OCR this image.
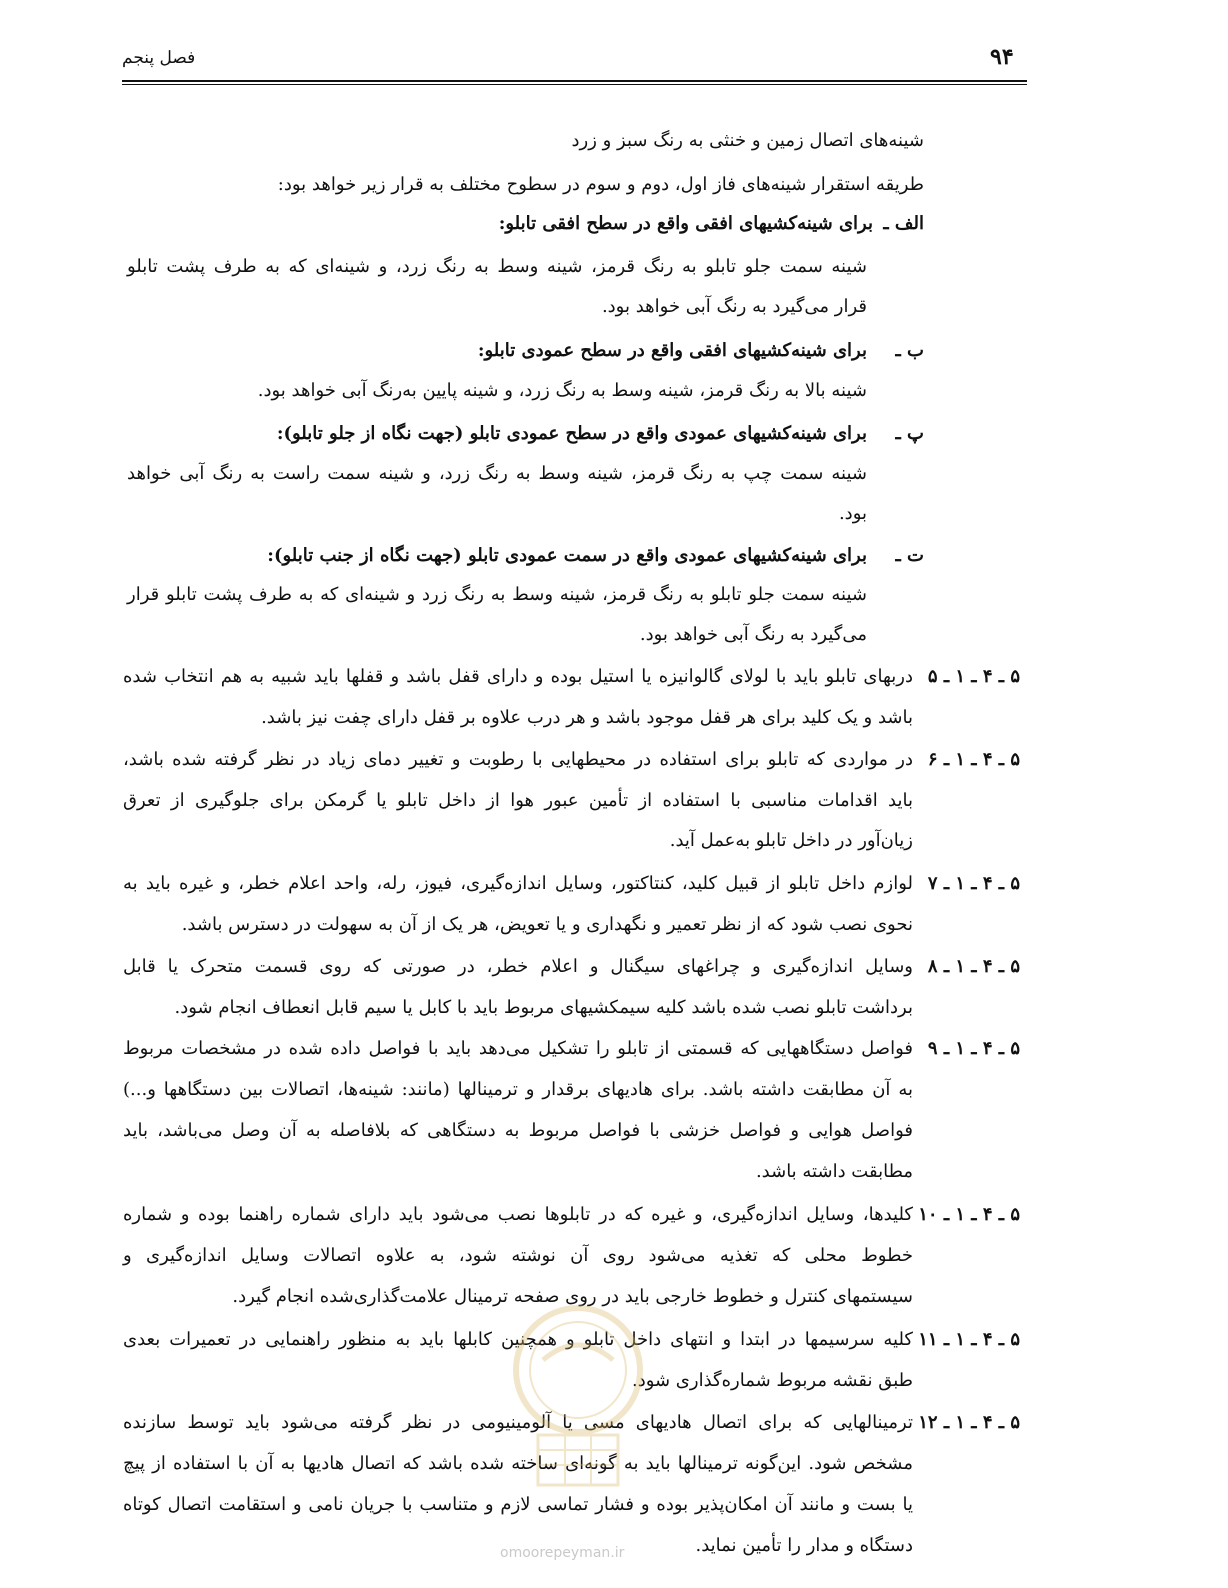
۹۴
فصل پنجم
شینه‌های اتصال زمین و خنثی به رنگ سبز و زرد
طریقه استقرار شینه‌های فاز اول، دوم و سوم در سطوح مختلف به قرار زیر خواهد بود:
الف ـ
برای شینه‌کشیهای افقی واقع در سطح افقی تابلو:
شینه سمت جلو تابلو به رنگ قرمز، شینه وسط به رنگ زرد، و شینه‌ای که به طرف پشت تابلو
قرار می‌گیرد به رنگ آبی خواهد بود.
ب ـ
برای شینه‌کشیهای افقی واقع در سطح عمودی تابلو:
شینه بالا به رنگ قرمز، شینه وسط به رنگ زرد، و شینه پایین به‌رنگ آبی خواهد بود.
پ ـ
برای شینه‌کشیهای عمودی واقع در سطح عمودی تابلو (جهت نگاه از جلو تابلو):
شینه سمت چپ به رنگ قرمز، شینه وسط به رنگ زرد، و شینه سمت راست به رنگ آبی خواهد
بود.
ت ـ
برای شینه‌کشیهای عمودی واقع در سمت عمودی تابلو (جهت نگاه از جنب تابلو):
شینه سمت جلو تابلو به رنگ قرمز، شینه وسط به رنگ زرد و شینه‌ای که به طرف پشت تابلو قرار
می‌گیرد به رنگ آبی خواهد بود.
۵ ـ ۴ ـ ۱ ـ ۵
دربهای تابلو باید با لولای گالوانیزه یا استیل بوده و دارای قفل باشد و قفلها باید شبیه به هم انتخاب شده
باشد و یک کلید برای هر قفل موجود باشد و هر درب علاوه بر قفل دارای چفت نیز باشد.
۵ ـ ۴ ـ ۱ ـ ۶
در مواردی که تابلو برای استفاده در محیطهایی با رطوبت و تغییر دمای زیاد در نظر گرفته شده باشد،
باید اقدامات مناسبی با استفاده از تأمین عبور هوا از داخل تابلو یا گرمکن برای جلوگیری از تعرق
زیان‌آور در داخل تابلو به‌عمل آید.
۵ ـ ۴ ـ ۱ ـ ۷
لوازم داخل تابلو از قبیل کلید، کنتاکتور، وسایل اندازه‌گیری، فیوز، رله، واحد اعلام خطر، و غیره باید به
نحوی نصب شود که از نظر تعمیر و نگهداری و یا تعویض، هر یک از آن به سهولت در دسترس باشد.
۵ ـ ۴ ـ ۱ ـ ۸
وسایل اندازه‌گیری و چراغهای سیگنال و اعلام خطر، در صورتی که روی قسمت متحرک یا قابل
برداشت تابلو نصب شده باشد کلیه سیمکشیهای مربوط باید با کابل یا سیم قابل انعطاف انجام شود.
۵ ـ ۴ ـ ۱ ـ ۹
فواصل دستگاههایی که قسمتی از تابلو را تشکیل می‌دهد باید با فواصل داده شده در مشخصات مربوط
به آن مطابقت داشته باشد. برای هادیهای برقدار و ترمینالها (مانند: شینه‌ها، اتصالات بین دستگاهها و...)
فواصل هوایی و فواصل خزشی با فواصل مربوط به دستگاهی که بلافاصله به آن وصل می‌باشد، باید
مطابقت داشته باشد.
۵ ـ ۴ ـ ۱ ـ ۱۰
کلیدها، وسایل اندازه‌گیری، و غیره که در تابلوها نصب می‌شود باید دارای شماره راهنما بوده و شماره
خطوط محلی که تغذیه می‌شود روی آن نوشته شود، به علاوه اتصالات وسایل اندازه‌گیری و
سیستمهای کنترل و خطوط خارجی باید در روی صفحه ترمینال علامت‌گذاری‌شده انجام گیرد.
۵ ـ ۴ ـ ۱ ـ ۱۱
کلیه سرسیمها در ابتدا و انتهای داخل تابلو و همچنین کابلها باید به منظور راهنمایی در تعمیرات بعدی
طبق نقشه مربوط شماره‌گذاری شود.
۵ ـ ۴ ـ ۱ ـ ۱۲
ترمینالهایی که برای اتصال هادیهای مسی یا آلومینیومی در نظر گرفته می‌شود باید توسط سازنده
مشخص شود. این‌گونه ترمینالها باید به گونه‌ای ساخته شده باشد که اتصال هادیها به آن با استفاده از پیچ
یا بست و مانند آن امکان‌پذیر بوده و فشار تماسی لازم و متناسب با جریان نامی و استقامت اتصال کوتاه
دستگاه و مدار را تأمین نماید.
omoorepeyman.ir
